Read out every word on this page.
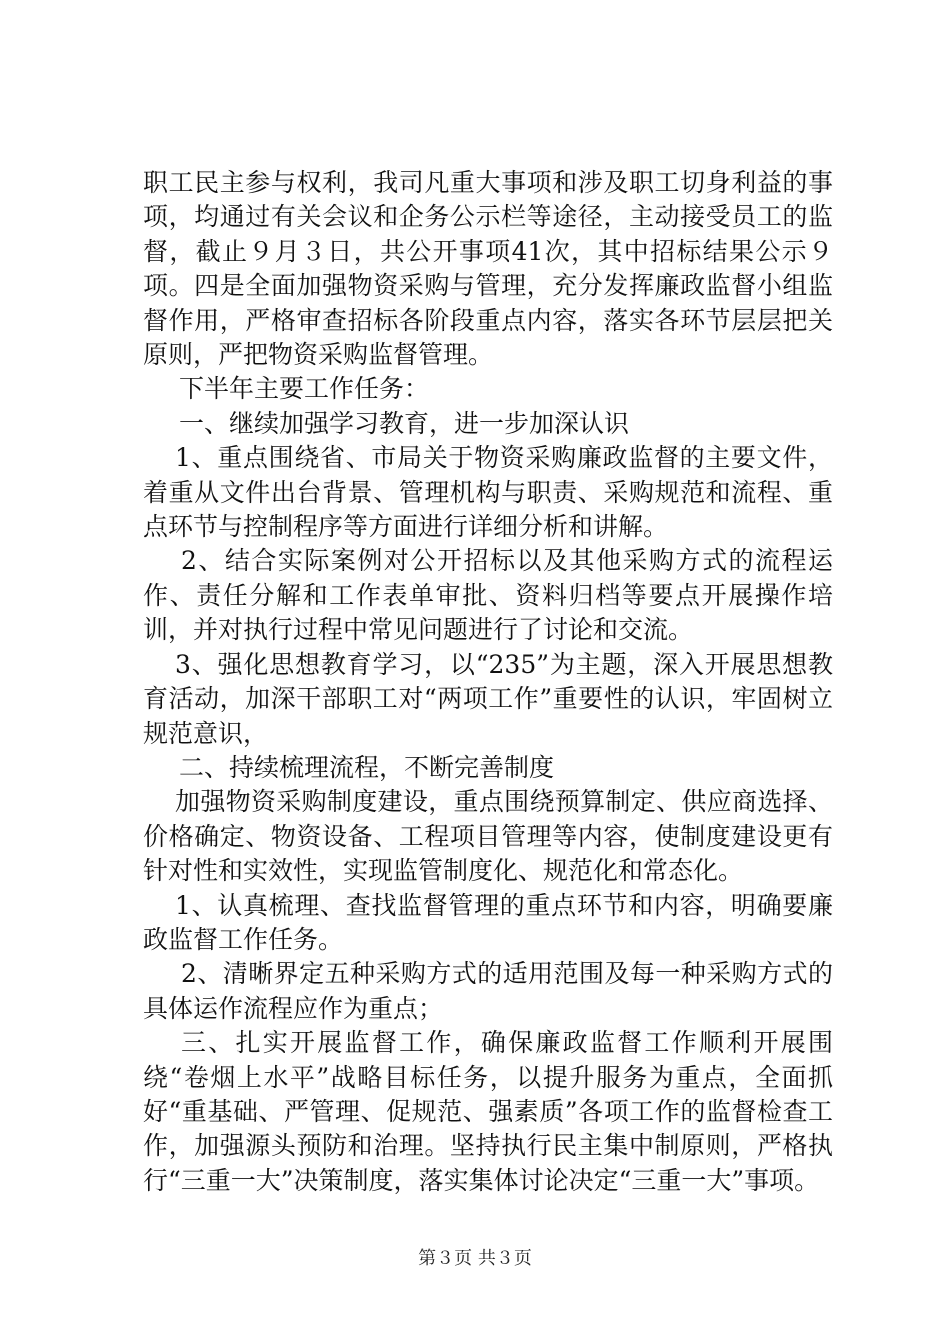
职工民主参与权利，我司凡重大事项和涉及职工切身利益的事项，均通过有关会议和企务公示栏等途径，主动接受员工的监督，截止９月３日，共公开事项41次，其中招标结果公示９项。四是全面加强物资采购与管理，充分发挥廉政监督小组监督作用，严格审查招标各阶段重点内容，落实各环节层层把关原则，严把物资采购监督管理。

下半年主要工作任务：

一、继续加强学习教育，进一步加深认识

1、重点围绕省、市局关于物资采购廉政监督的主要文件，着重从文件出台背景、管理机构与职责、采购规范和流程、重点环节与控制程序等方面进行详细分析和讲解。

2、结合实际案例对公开招标以及其他采购方式的流程运作、责任分解和工作表单审批、资料归档等要点开展操作培训，并对执行过程中常见问题进行了讨论和交流。

3、强化思想教育学习，以“235”为主题，深入开展思想教育活动，加深干部职工对“两项工作”重要性的认识，牢固树立规范意识，

二、持续梳理流程，不断完善制度

加强物资采购制度建设，重点围绕预算制定、供应商选择、价格确定、物资设备、工程项目管理等内容，使制度建设更有针对性和实效性，实现监管制度化、规范化和常态化。

1、认真梳理、查找监督管理的重点环节和内容，明确要廉政监督工作任务。

2、清晰界定五种采购方式的适用范围及每一种采购方式的具体运作流程应作为重点；

三、扎实开展监督工作，确保廉政监督工作顺利开展围绕“卷烟上水平”战略目标任务，以提升服务为重点，全面抓好“重基础、严管理、促规范、强素质”各项工作的监督检查工作，加强源头预防和治理。坚持执行民主集中制原则，严格执行“三重一大”决策制度，落实集体讨论决定“三重一大”事项。

第３页 共３页
